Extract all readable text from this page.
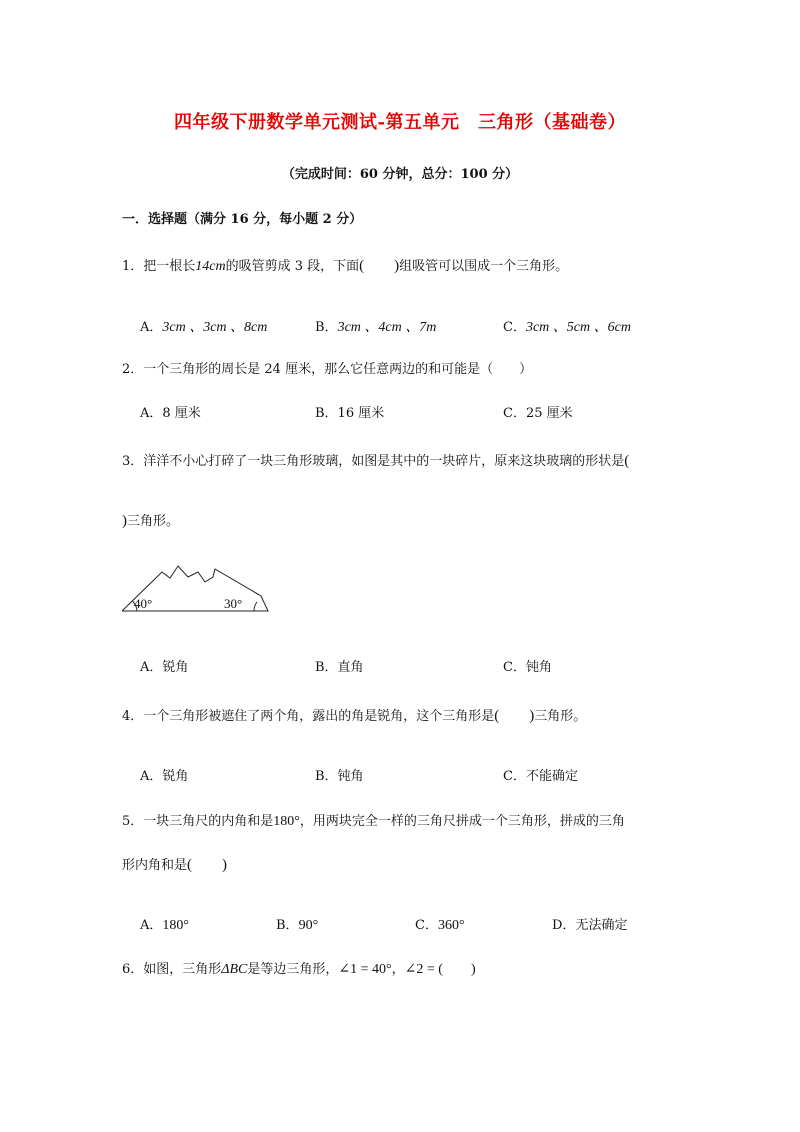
四年级下册数学单元测试-第五单元　三角形（基础卷）
（完成时间：60 分钟，总分：100 分）
一．选择题（满分 16 分，每小题 2 分）
1．把一根长14cm的吸管剪成 3 段，下面(　　)组吸管可以围成一个三角形。
A．3cm 、3cm 、8cm	B．3cm 、4cm 、7m	C．3cm 、5cm 、6cm
2．一个三角形的周长是 24 厘米，那么它任意两边的和可能是（　　）
A．8 厘米	B．16 厘米	C．25 厘米
3．洋洋不小心打碎了一块三角形玻璃，如图是其中的一块碎片，原来这块玻璃的形状是(
)三角形。
40°	30°
A．锐角	B．直角	C．钝角
4．一个三角形被遮住了两个角，露出的角是锐角，这个三角形是(　　)三角形。
A．锐角	B．钝角	C．不能确定
5．一块三角尺的内角和是180°，用两块完全一样的三角尺拼成一个三角形，拼成的三角
形内角和是(　　)
A．180°	B．90°	C．360°	D．无法确定
6．如图，三角形ΔBC是等边三角形，∠1 = 40°，∠2 = (　　)
